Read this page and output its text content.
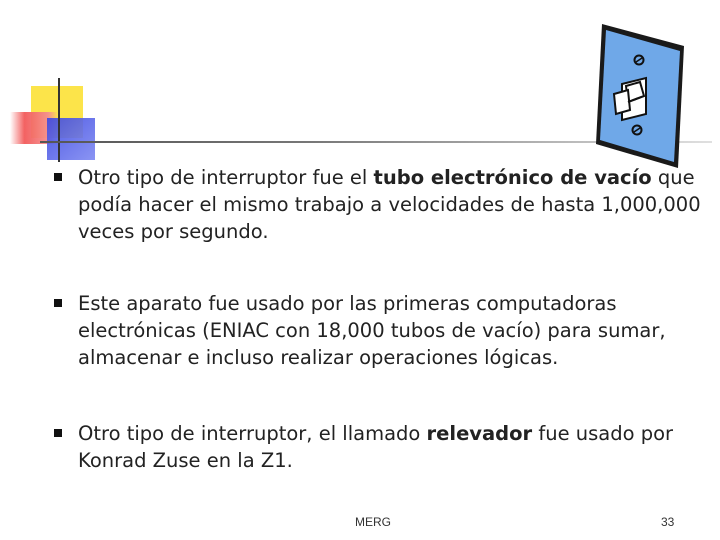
Otro tipo de interruptor fue el tubo electrónico de vacío que podía hacer el mismo trabajo a velocidades de hasta 1,000,000 veces por segundo.
Este aparato fue usado por las primeras computadoras electrónicas (ENIAC con 18,000 tubos de vacío) para sumar, almacenar e incluso realizar operaciones lógicas.
Otro tipo de interruptor, el llamado relevador fue usado por Konrad Zuse en la Z1.
MERG	33
